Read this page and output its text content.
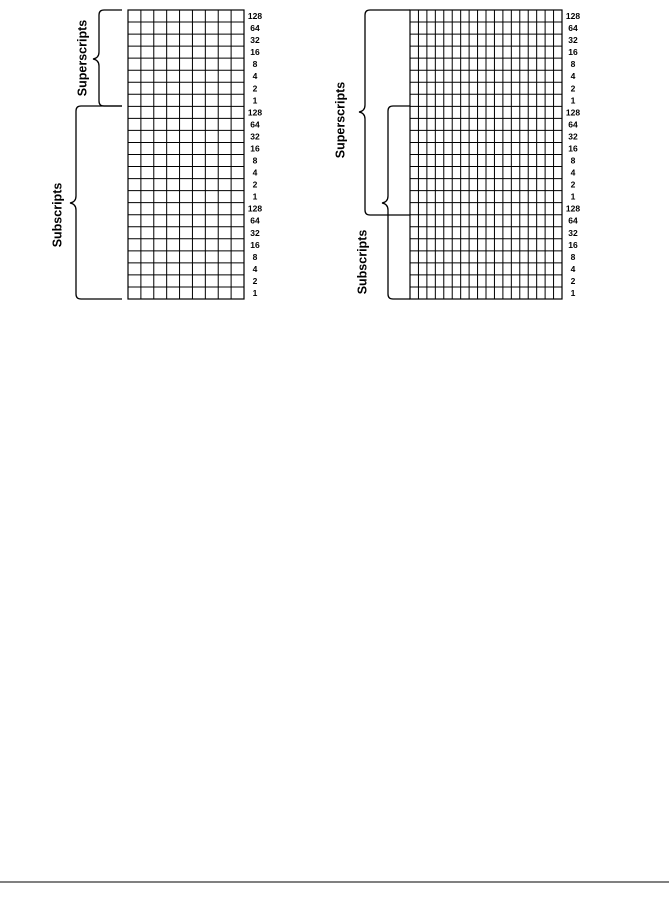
128
64
32
16
8
4
2
1
128
64
32
16
8
4
2
1
128
64
32
16
8
4
2
1
Superscripts
Subscripts
128
64
32
16
8
4
2
1
128
64
32
16
8
4
2
1
128
64
32
16
8
4
2
1
Superscripts
Subscripts
